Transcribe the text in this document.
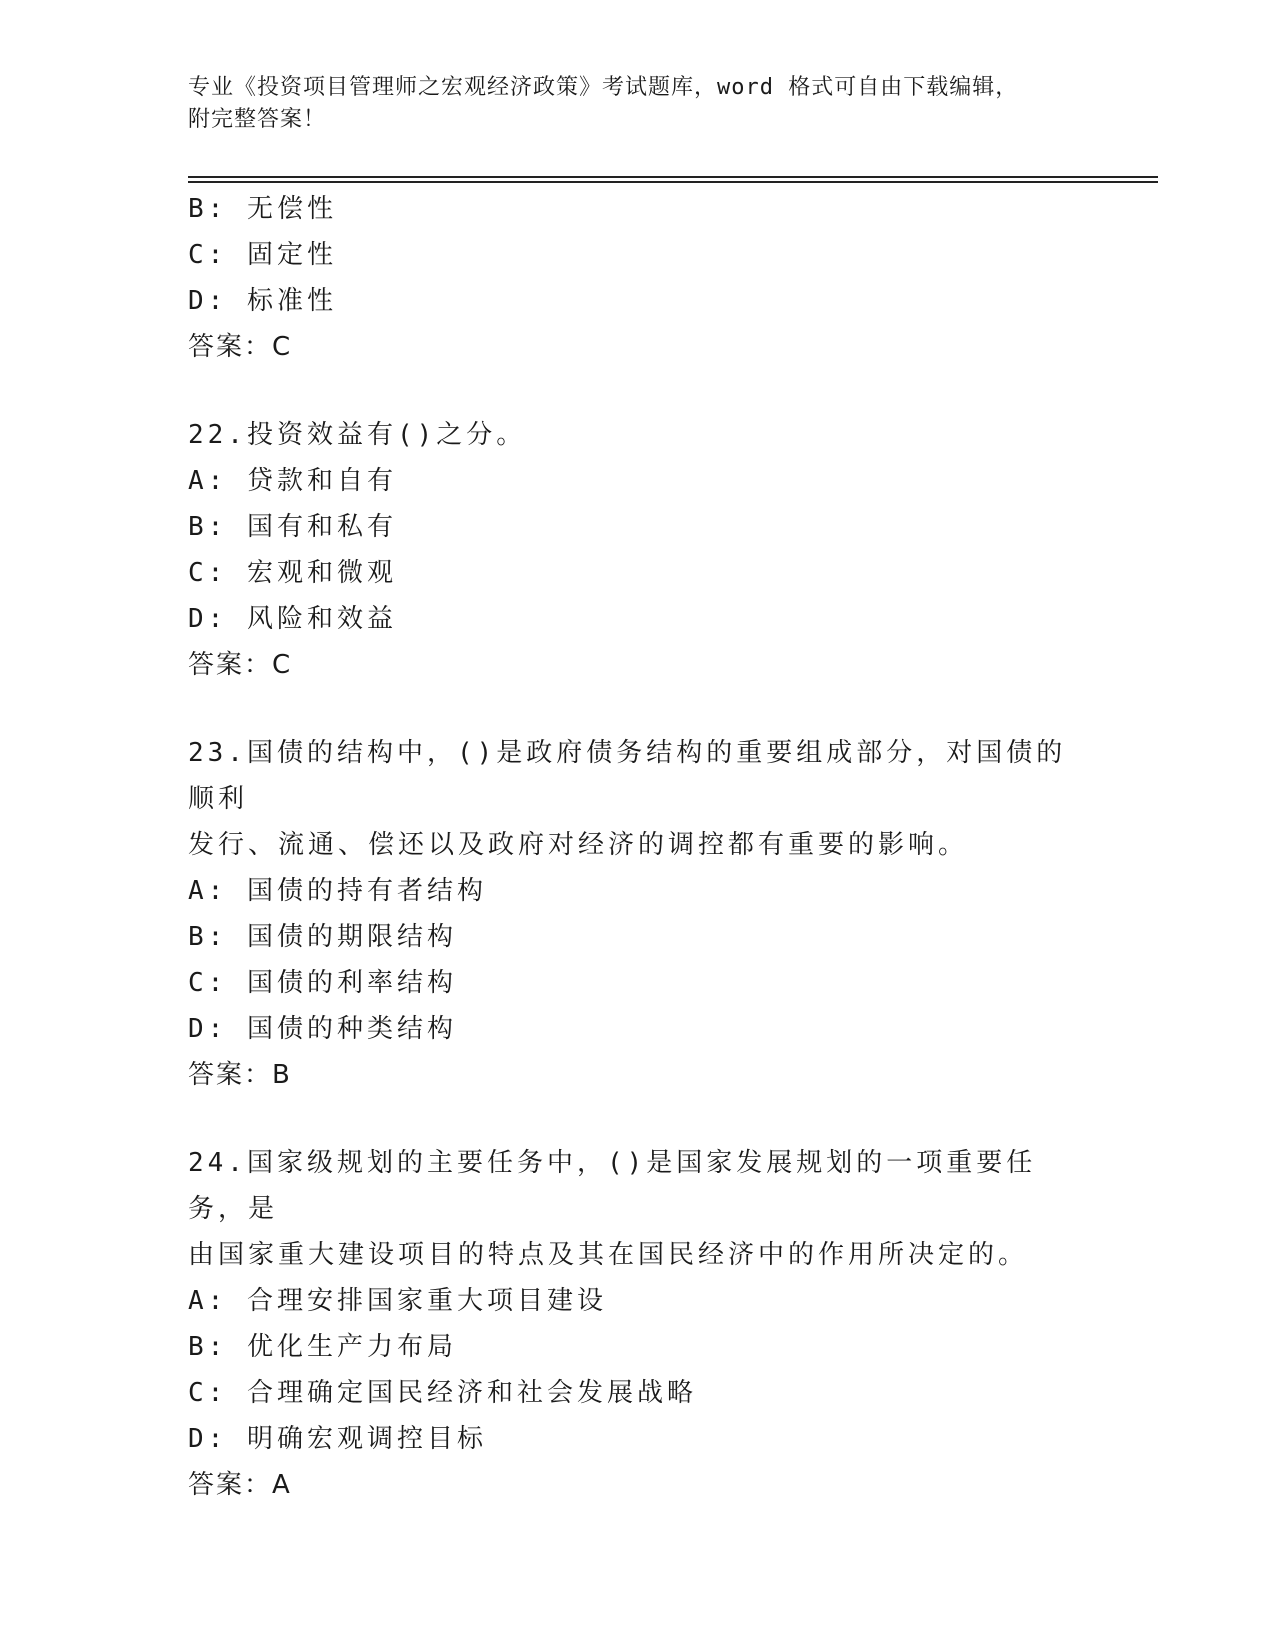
专业《投资项目管理师之宏观经济政策》考试题库，word 格式可自由下载编辑，
附完整答案！
B: 无偿性
C: 固定性
D: 标准性
答案：C
22.投资效益有()之分。
A: 贷款和自有
B: 国有和私有
C: 宏观和微观
D: 风险和效益
答案：C
23.国债的结构中，()是政府债务结构的重要组成部分，对国债的顺利
发行、流通、偿还以及政府对经济的调控都有重要的影响。
A: 国债的持有者结构
B: 国债的期限结构
C: 国债的利率结构
D: 国债的种类结构
答案：B
24.国家级规划的主要任务中，()是国家发展规划的一项重要任务，是
由国家重大建设项目的特点及其在国民经济中的作用所决定的。
A: 合理安排国家重大项目建设
B: 优化生产力布局
C: 合理确定国民经济和社会发展战略
D: 明确宏观调控目标
答案：A
